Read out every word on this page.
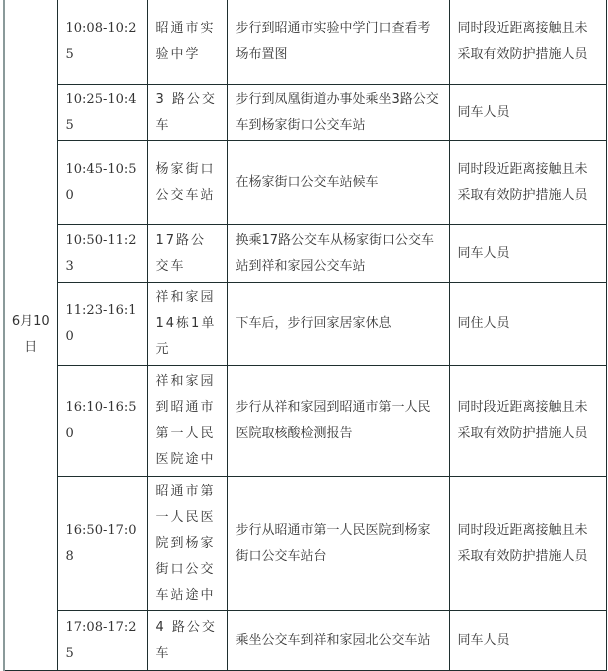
6月10日	10:08-10:25	昭通市实验中学	步行到昭通市实验中学门口查看考场布置图	同时段近距离接触且未采取有效防护措施人员
	10:25-10:45	3 路公交车	步行到凤凰街道办事处乘坐3路公交车到杨家街口公交车站	同车人员
	10:45-10:50	杨家街口公交车站	在杨家街口公交车站候车	同时段近距离接触且未采取有效防护措施人员
	10:50-11:23	17路公交车	换乘17路公交车从杨家街口公交车站到祥和家园公交车站	同车人员
	11:23-16:10	祥和家园14栋1单元	下车后，步行回家居家休息	同住人员
	16:10-16:50	祥和家园到昭通市第一人民医院途中	步行从祥和家园到昭通市第一人民医院取核酸检测报告	同时段近距离接触且未采取有效防护措施人员
	16:50-17:08	昭通市第一人民医院到杨家街口公交车站途中	步行从昭通市第一人民医院到杨家街口公交车站台	同时段近距离接触且未采取有效防护措施人员
	17:08-17:25	4 路公交车	乘坐公交车到祥和家园北公交车站	同车人员
